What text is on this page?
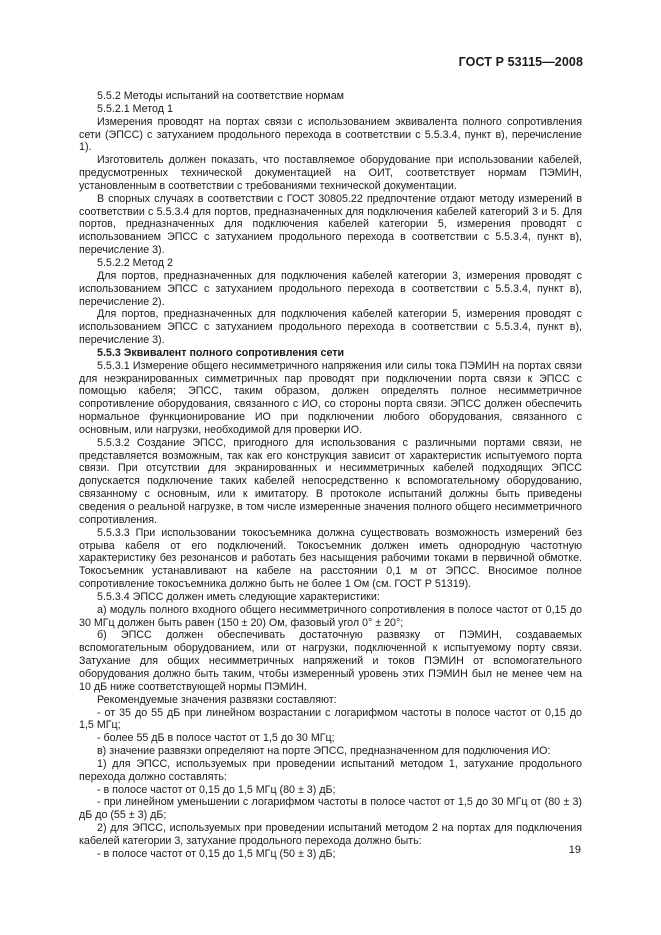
ГОСТ Р 53115—2008

5.5.2 Методы испытаний на соответствие нормам

5.5.2.1 Метод 1

Измерения проводят на портах связи с использованием эквивалента полного сопротивления сети (ЭПСС) с затуханием продольного перехода в соответствии с 5.5.3.4, пункт в), перечисление 1).

Изготовитель должен показать, что поставляемое оборудование при использовании кабелей, предусмотренных технической документацией на ОИТ, соответствует нормам ПЭМИН, установленным в соответствии с требованиями технической документации.

В спорных случаях в соответствии с ГОСТ 30805.22 предпочтение отдают методу измерений в соответствии с 5.5.3.4 для портов, предназначенных для подключения кабелей категорий 3 и 5. Для портов, предназначенных для подключения кабелей категории 5, измерения проводят с использованием ЭПСС с затуханием продольного перехода в соответствии с 5.5.3.4, пункт в), перечисление 3).

5.5.2.2 Метод 2

Для портов, предназначенных для подключения кабелей категории 3, измерения проводят с использованием ЭПСС с затуханием продольного перехода в соответствии с 5.5.3.4, пункт в), перечисление 2).

Для портов, предназначенных для подключения кабелей категории 5, измерения проводят с использованием ЭПСС с затуханием продольного перехода в соответствии с 5.5.3.4, пункт в), перечисление 3).

5.5.3 Эквивалент полного сопротивления сети

5.5.3.1 Измерение общего несимметричного напряжения или силы тока ПЭМИН на портах связи для неэкранированных симметричных пар проводят при подключении порта связи к ЭПСС с помощью кабеля; ЭПСС, таким образом, должен определять полное несимметричное сопротивление оборудования, связанного с ИО, со стороны порта связи. ЭПСС должен обеспечить нормальное функционирование ИО при подключении любого оборудования, связанного с основным, или нагрузки, необходимой для проверки ИО.

5.5.3.2 Создание ЭПСС, пригодного для использования с различными портами связи, не представляется возможным, так как его конструкция зависит от характеристик испытуемого порта связи. При отсутствии для экранированных и несимметричных кабелей подходящих ЭПСС допускается подключение таких кабелей непосредственно к вспомогательному оборудованию, связанному с основным, или к имитатору. В протоколе испытаний должны быть приведены сведения о реальной нагрузке, в том числе измеренные значения полного общего несимметричного сопротивления.

5.5.3.3 При использовании токосъемника должна существовать возможность измерений без отрыва кабеля от его подключений. Токосъемник должен иметь однородную частотную характеристику без резонансов и работать без насыщения рабочими токами в первичной обмотке. Токосъемник устанавливают на кабеле на расстоянии 0,1 м от ЭПСС. Вносимое полное сопротивление токосъемника должно быть не более 1 Ом (см. ГОСТ Р 51319).

5.5.3.4 ЭПСС должен иметь следующие характеристики:

а) модуль полного входного общего несимметричного сопротивления в полосе частот от 0,15 до 30 МГц должен быть равен (150 ± 20) Ом, фазовый угол 0° ± 20°;

б) ЭПСС должен обеспечивать достаточную развязку от ПЭМИН, создаваемых вспомогательным оборудованием, или от нагрузки, подключенной к испытуемому порту связи. Затухание для общих несимметричных напряжений и токов ПЭМИН от вспомогательного оборудования должно быть таким, чтобы измеренный уровень этих ПЭМИН был не менее чем на 10 дБ ниже соответствующей нормы ПЭМИН.

Рекомендуемые значения развязки составляют:

- от 35 до 55 дБ при линейном возрастании с логарифмом частоты в полосе частот от 0,15 до 1,5 МГц;

- более 55 дБ в полосе частот от 1,5 до 30 МГц;

в) значение развязки определяют на порте ЭПСС, предназначенном для подключения ИО:

1) для ЭПСС, используемых при проведении испытаний методом 1, затухание продольного перехода должно составлять:

- в полосе частот от 0,15 до 1,5 МГц (80 ± 3) дБ;

- при линейном уменьшении с логарифмом частоты в полосе частот от 1,5 до 30 МГц от (80 ± 3) дБ до (55 ± 3) дБ;

2) для ЭПСС, используемых при проведении испытаний методом 2 на портах для подключения кабелей категории 3, затухание продольного перехода должно быть:

- в полосе частот от 0,15 до 1,5 МГц (50 ± 3) дБ;	19
